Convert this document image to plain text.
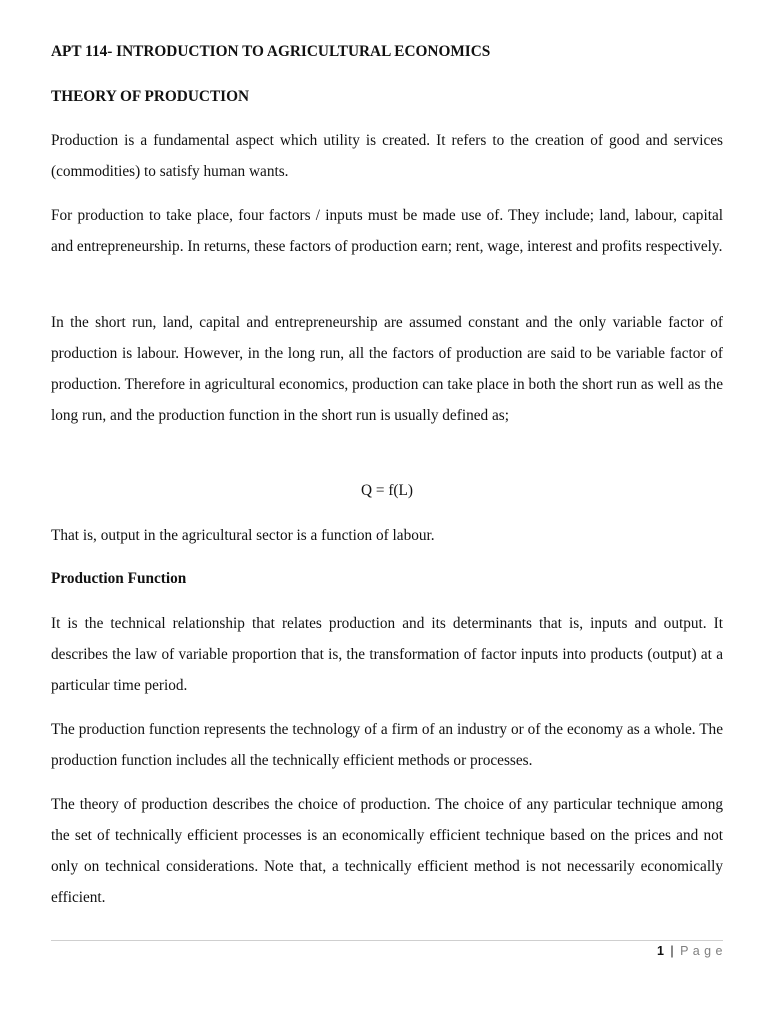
APT 114- INTRODUCTION TO AGRICULTURAL ECONOMICS
THEORY OF PRODUCTION
Production is a fundamental aspect which utility is created. It refers to the creation of good and services (commodities) to satisfy human wants.
For production to take place, four factors / inputs must be made use of. They include; land, labour, capital and entrepreneurship. In returns, these factors of production earn; rent, wage, interest and profits respectively.
In the short run, land, capital and entrepreneurship are assumed constant and the only variable factor of production is labour. However, in the long run, all the factors of production are said to be variable factor of production. Therefore in agricultural economics, production can take place in both the short run as well as the long run, and the production function in the short run is usually defined as;
Q = f(L)
That is, output in the agricultural sector is a function of labour.
Production Function
It is the technical relationship that relates production and its determinants that is, inputs and output. It describes the law of variable proportion that is, the transformation of factor inputs into products (output) at a particular time period.
The production function represents the technology of a firm of an industry or of the economy as a whole. The production function includes all the technically efficient methods or processes.
The theory of production describes the choice of production. The choice of any particular technique among the set of technically efficient processes is an economically efficient technique based on the prices and not only on technical considerations. Note that, a technically efficient method is not necessarily economically efficient.
1 | P a g e
